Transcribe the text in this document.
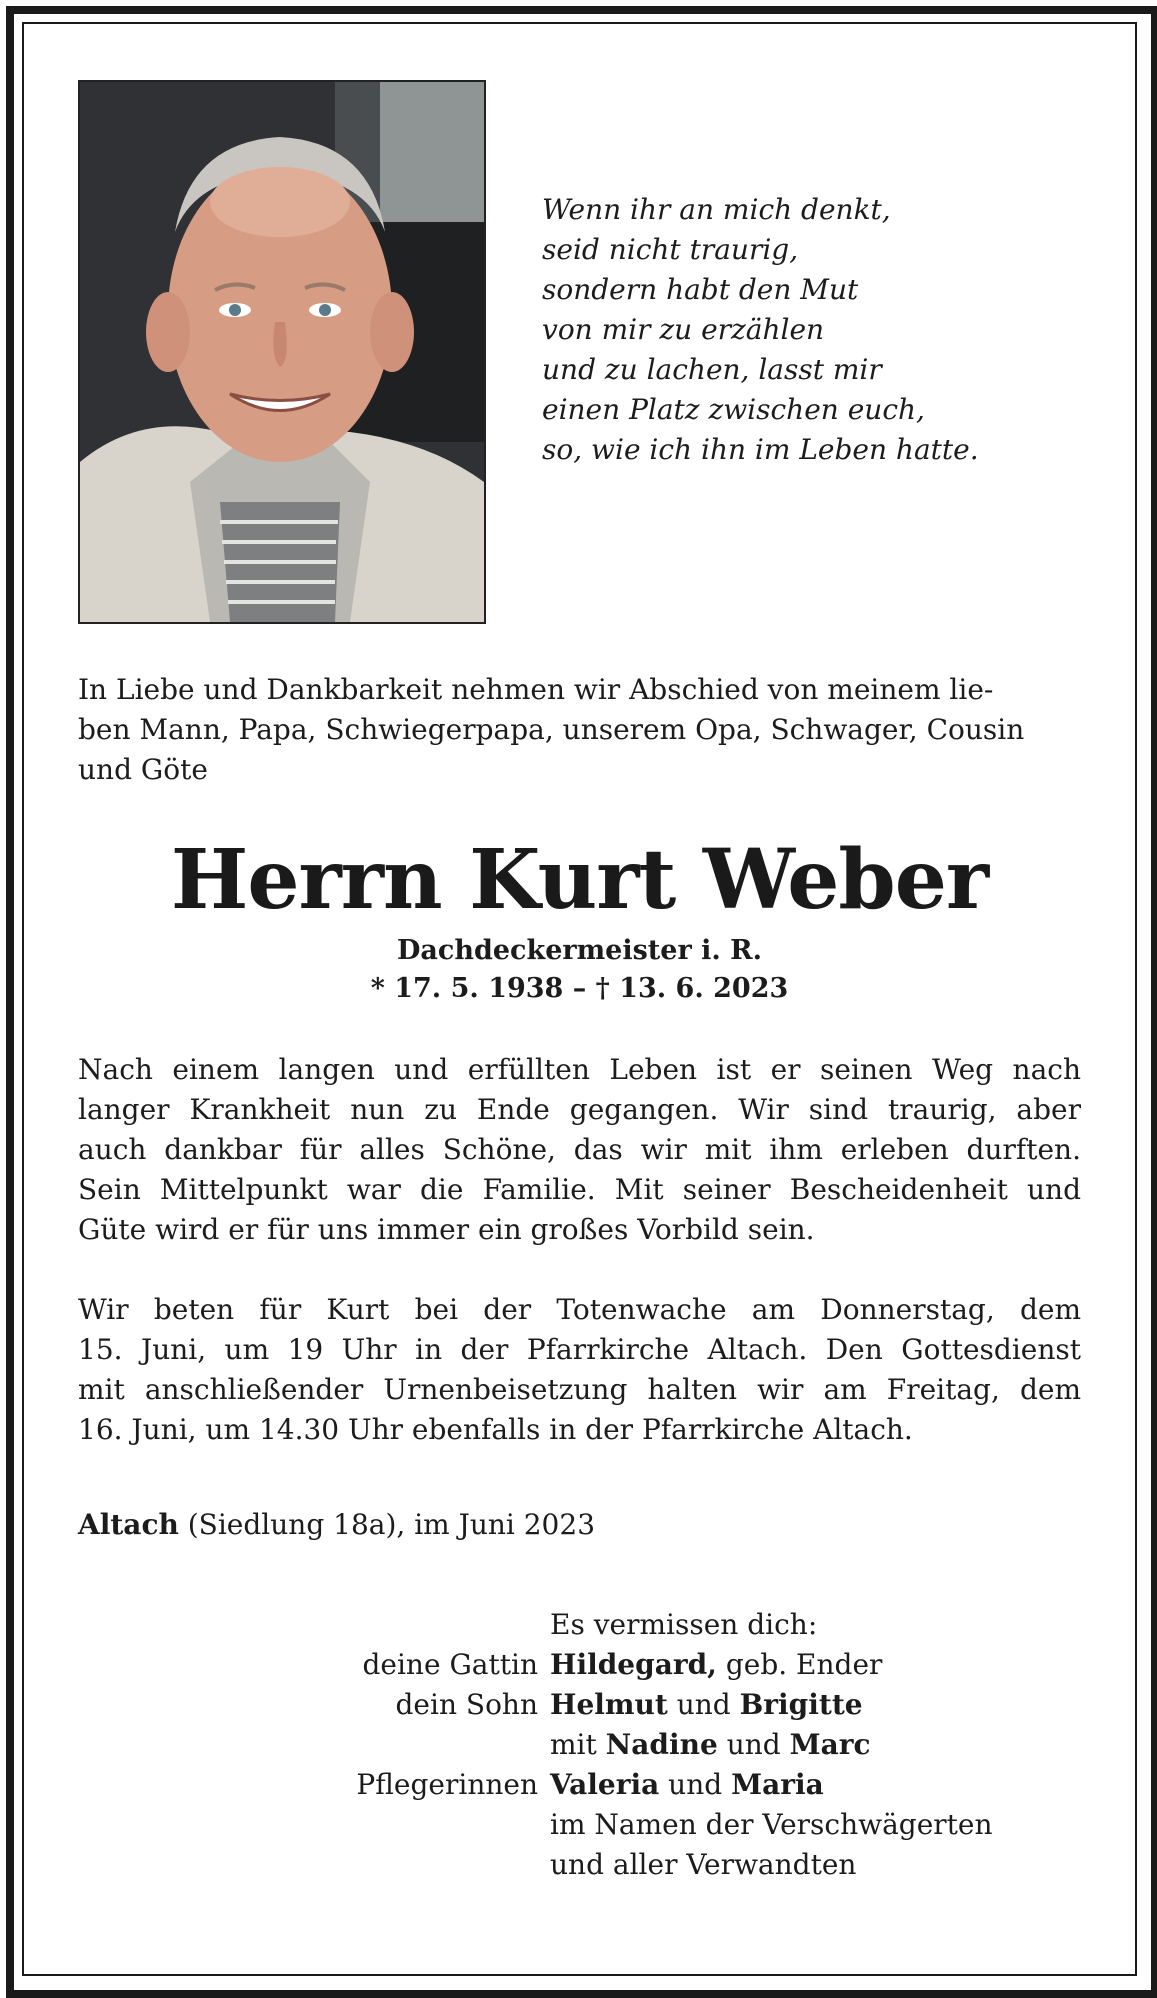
Wenn ihr an mich denkt,
seid nicht traurig,
sondern habt den Mut
von mir zu erzählen
und zu lachen, lasst mir
einen Platz zwischen euch,
so, wie ich ihn im Leben hatte.
In Liebe und Dankbarkeit nehmen wir Abschied von meinem lie-
ben Mann, Papa, Schwiegerpapa, unserem Opa, Schwager, Cousin
und Göte
Herrn Kurt Weber
Dachdeckermeister i. R.
* 17. 5. 1938 – † 13. 6. 2023
Nach einem langen und erfüllten Leben ist er seinen Weg nach
langer Krankheit nun zu Ende gegangen. Wir sind traurig, aber
auch dankbar für alles Schöne, das wir mit ihm erleben durften.
Sein Mittelpunkt war die Familie. Mit seiner Bescheidenheit und
Güte wird er für uns immer ein großes Vorbild sein.
Wir beten für Kurt bei der Totenwache am Donnerstag, dem
15. Juni, um 19 Uhr in der Pfarrkirche Altach. Den Gottesdienst
mit anschließender Urnenbeisetzung halten wir am Freitag, dem
16. Juni, um 14.30 Uhr ebenfalls in der Pfarrkirche Altach.
Altach (Siedlung 18a), im Juni 2023
Es vermissen dich:
deine Gattin Hildegard, geb. Ender
dein Sohn Helmut und Brigitte
mit Nadine und Marc
Pflegerinnen Valeria und Maria
im Namen der Verschwägerten
und aller Verwandten
